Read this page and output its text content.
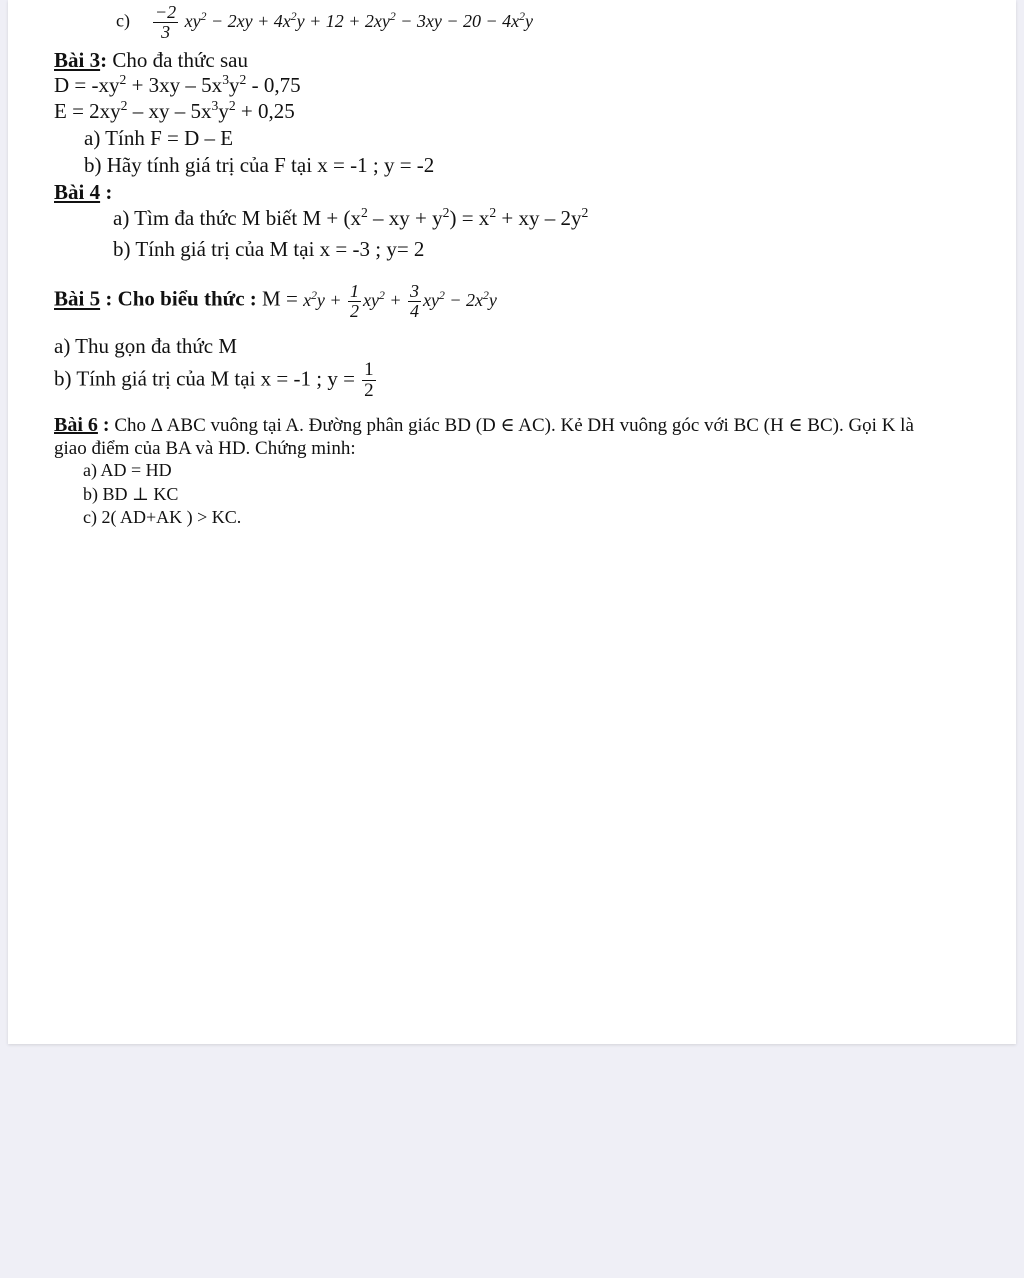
$c) \frac{-2}{3} xy^2 - 2xy + 4x^2y + 12 + 2xy^2 - 3xy - 20 - 4x^2y$
Bài 3: Cho đa thức sau
$D = -xy^2 + 3xy - 5x^3y^2 - 0,75$
$E = 2xy^2$ – xy – $5x^3y^2 + 0,25$
a) Tính F = D – E
b) Hãy tính giá trị của F tại x = -1 ; y = -2
Bài 4 :
a) Tìm đa thức M biết $M + (x^2$ – xy + $y^2) = x^2$ + xy – $2y^2$
b) Tính giá trị của M tại x = -3 ; y= 2
Bài 5 : Cho biểu thức : $M = x^2y + \frac{1}{2} xy^2 + \frac{3}{4} xy^2 - 2x^2y$
a) Thu gọn đa thức M
b) Tính giá trị của M tại x = -1 ; $y = \frac{1}{2}$
Bài 6 : Cho Δ ABC vuông tại A. Đường phân giác BD (D ∈ AC). Kẻ DH vuông góc với BC (H ∈ BC). Gọi K là
giao điểm của BA và HD. Chứng minh:
a) AD = HD
b) BD ⊥ KC
c) 2( AD+AK ) > KC.
